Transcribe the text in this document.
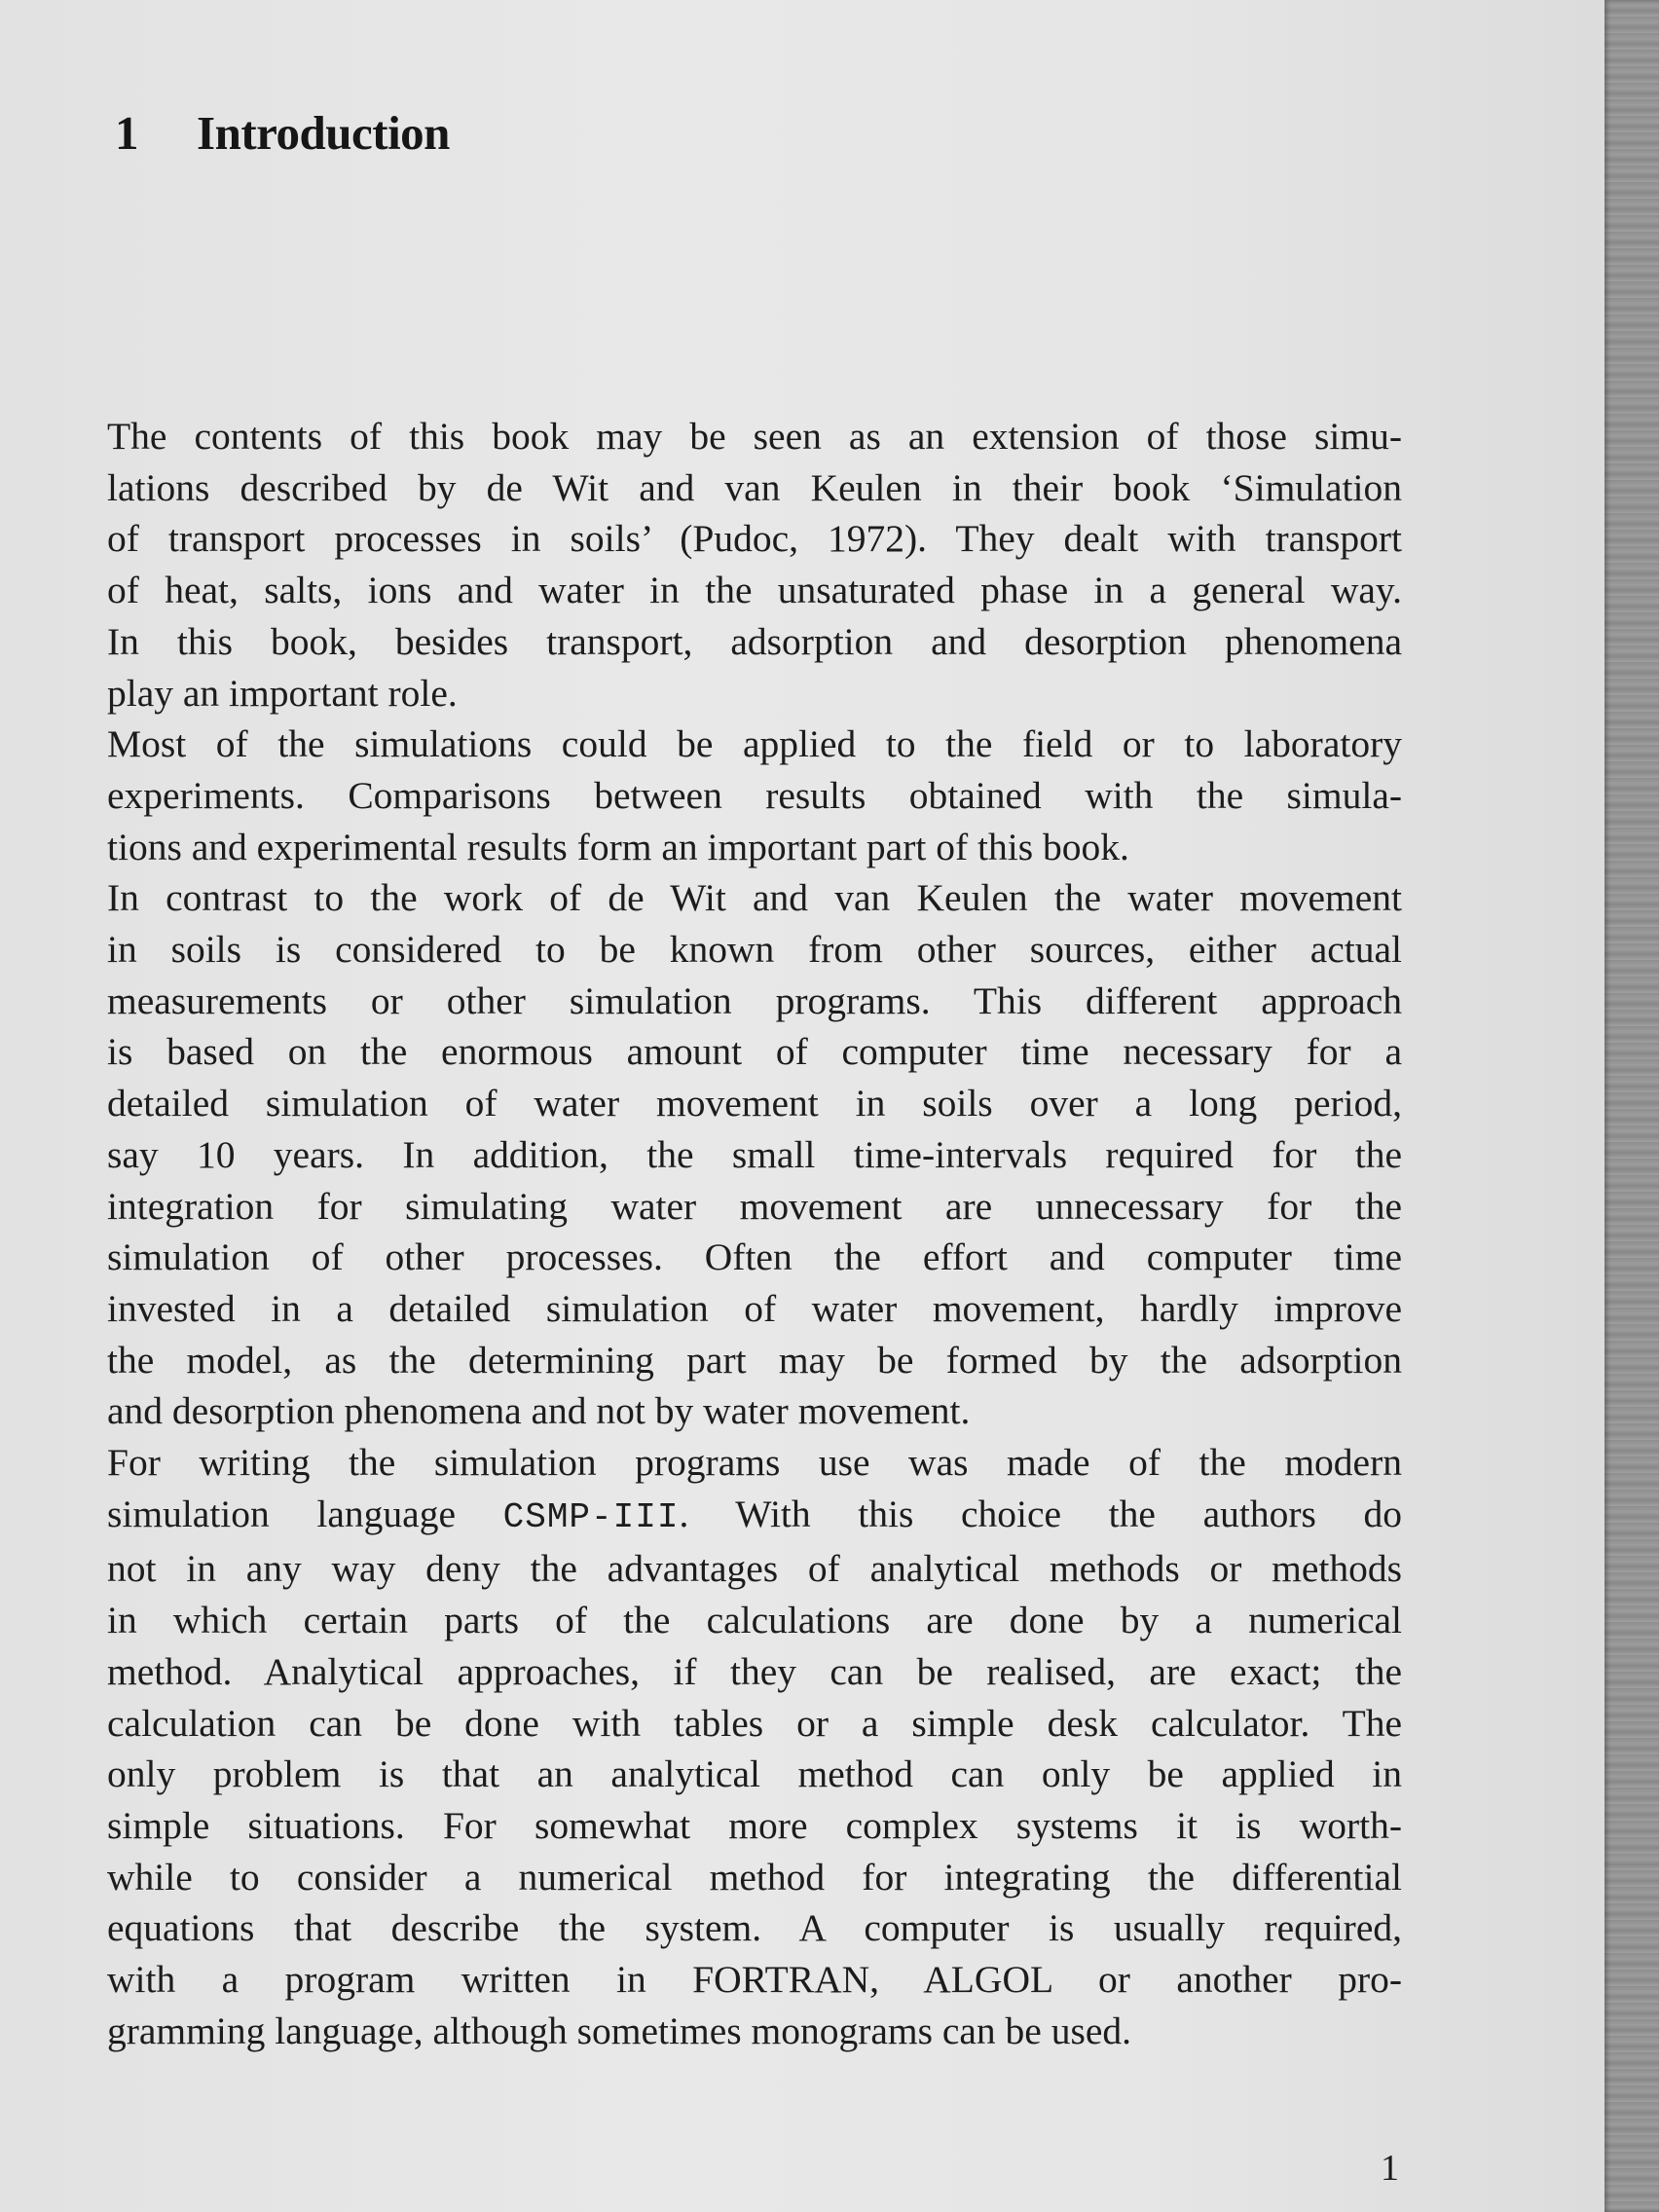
1 Introduction

The contents of this book may be seen as an extension of those simu-
lations described by de Wit and van Keulen in their book ‘Simulation
of transport processes in soils’ (Pudoc, 1972). They dealt with transport
of heat, salts, ions and water in the unsaturated phase in a general way.
In this book, besides transport, adsorption and desorption phenomena
play an important role.

Most of the simulations could be applied to the field or to laboratory
experiments. Comparisons between results obtained with the simula-
tions and experimental results form an important part of this book.

In contrast to the work of de Wit and van Keulen the water movement
in soils is considered to be known from other sources, either actual
measurements or other simulation programs. This different approach
is based on the enormous amount of computer time necessary for a
detailed simulation of water movement in soils over a long period,
say 10 years. In addition, the small time-intervals required for the
integration for simulating water movement are unnecessary for the
simulation of other processes. Often the effort and computer time
invested in a detailed simulation of water movement, hardly improve
the model, as the determining part may be formed by the adsorption
and desorption phenomena and not by water movement.

For writing the simulation programs use was made of the modern
simulation language CSMP-III. With this choice the authors do
not in any way deny the advantages of analytical methods or methods
in which certain parts of the calculations are done by a numerical
method. Analytical approaches, if they can be realised, are exact; the
calculation can be done with tables or a simple desk calculator. The
only problem is that an analytical method can only be applied in
simple situations. For somewhat more complex systems it is worth-
while to consider a numerical method for integrating the differential
equations that describe the system. A computer is usually required,
with a program written in FORTRAN, ALGOL or another pro-
gramming language, although sometimes monograms can be used.

1
